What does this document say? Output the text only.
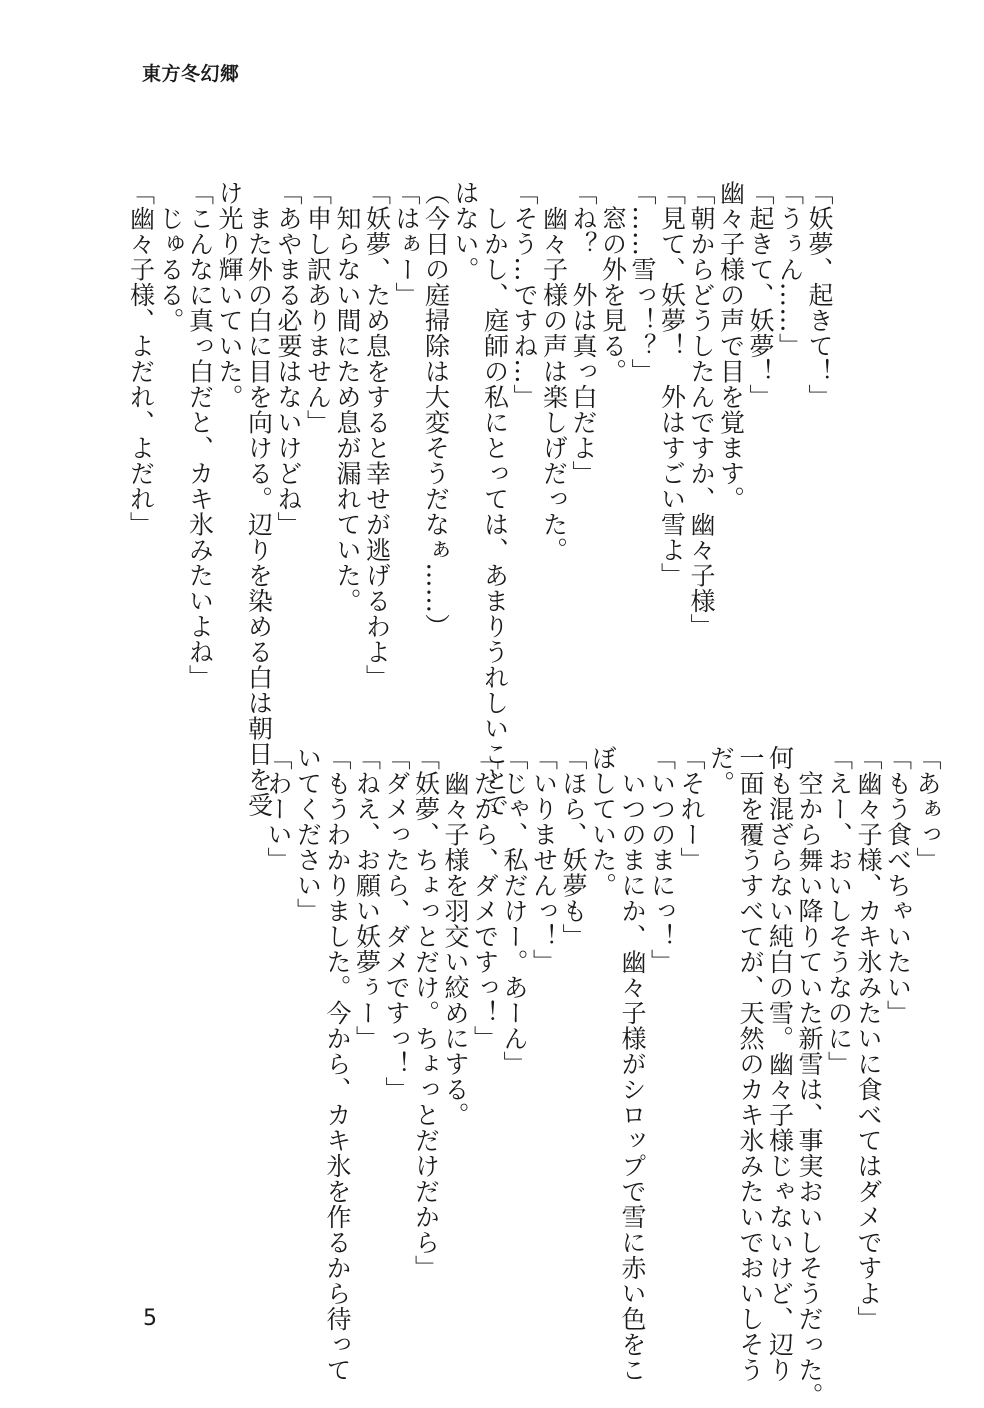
東方冬幻郷
「妖夢、起きて！」
「うぅん……」
「起きて、妖夢！」
幽々子様の声で目を覚ます。
「朝からどうしたんですか、幽々子様」
「見て、妖夢！　外はすごい雪よ」
「……雪っ！？」
　窓の外を見る。
「ね？　外は真っ白だよ」
　幽々子様の声は楽しげだった。
「そう…ですね…」
　しかし、庭師の私にとっては、あまりうれしいことで
はない。
（今日の庭掃除は大変そうだなぁ……）
「はぁー」
「妖夢、ため息をすると幸せが逃げるわよ」
　知らない間にため息が漏れていた。
「申し訳ありません」
「あやまる必要はないけどね」
　また外の白に目を向ける。辺りを染める白は朝日を受
け光り輝いていた。
「こんなに真っ白だと、カキ氷みたいよね」
　じゅるる。
「幽々子様、よだれ、よだれ」
「あぁっ」
「もう食べちゃいたい」
「幽々子様、カキ氷みたいに食べてはダメですよ」
「えー、おいしそうなのに」
　空から舞い降りていた新雪は、事実おいしそうだった。
何も混ざらない純白の雪。幽々子様じゃないけど、辺り
一面を覆うすべてが、天然のカキ氷みたいでおいしそう
だ。
「それー」
「いつのまにっ！」
　いつのまにか、幽々子様がシロップで雪に赤い色をこ
ぼしていた。
「ほら、妖夢も」
「いりませんっ！」
「じゃ、私だけー。あーん」
「だから、ダメですっ！」
　幽々子様を羽交い絞めにする。
「妖夢、ちょっとだけ。ちょっとだけだから」
「ダメったら、ダメですっ！」
「ねえ、お願い妖夢ぅー」
「もうわかりました。今から、カキ氷を作るから待って
いてください」
「わーい」
5
